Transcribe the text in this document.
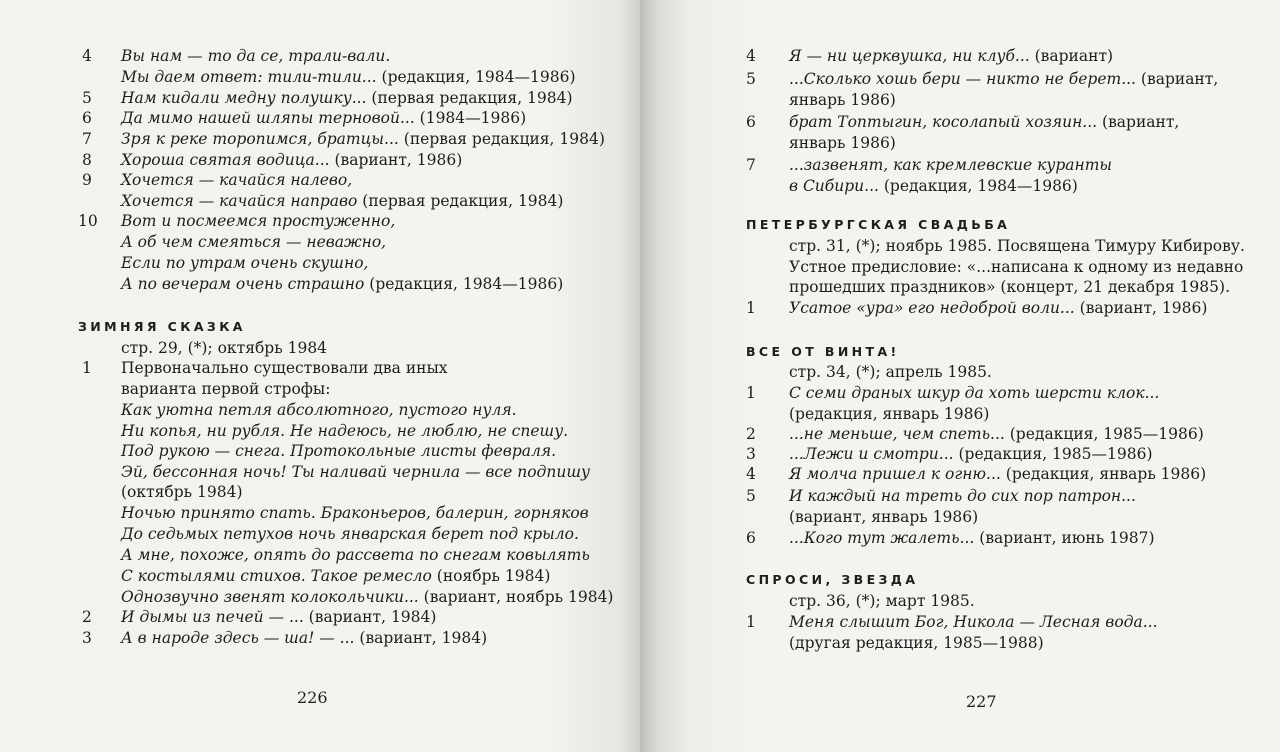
4 Вы нам — то да се, трали-вали.
Мы даем ответ: тили-тили... (редакция, 1984—1986)
5 Нам кидали медну полушку... (первая редакция, 1984)
6 Да мимо нашей шляпы терновой... (1984—1986)
7 Зря к реке торопимся, братцы... (первая редакция, 1984)
8 Хороша святая водица... (вариант, 1986)
9 Хочется — качайся налево,
Хочется — качайся направо (первая редакция, 1984)
10 Вот и посмеемся простуженно,
А об чем смеяться — неважно,
Если по утрам очень скушно,
А по вечерам очень страшно (редакция, 1984—1986)
ЗИМНЯЯ СКАЗКА
стр. 29, (*); октябрь 1984
1 Первоначально существовали два иных
варианта первой строфы:
Как уютна петля абсолютного, пустого нуля.
Ни копья, ни рубля. Не надеюсь, не люблю, не спешу.
Под рукою — снега. Протокольные листы февраля.
Эй, бессонная ночь! Ты наливай чернила — все подпишу
(октябрь 1984)
Ночью принято спать. Браконьеров, балерин, горняков
До седьмых петухов ночь январская берет под крыло.
А мне, похоже, опять до рассвета по снегам ковылять
С костылями стихов. Такое ремесло (ноябрь 1984)
Однозвучно звенят колокольчики... (вариант, ноябрь 1984)
2 И дымы из печей — ... (вариант, 1984)
3 А в народе здесь — ша! — ... (вариант, 1984)
226
4 Я — ни церквушка, ни клуб... (вариант)
5 ...Сколько хошь бери — никто не берет... (вариант,
январь 1986)
6 брат Топтыгин, косолапый хозяин... (вариант,
январь 1986)
7 ...зазвенят, как кремлевские куранты
в Сибири... (редакция, 1984—1986)
ПЕТЕРБУРГСКАЯ СВАДЬБА
стр. 31, (*); ноябрь 1985. Посвящена Тимуру Кибирову.
Устное предисловие: «...написана к одному из недавно
прошедших праздников» (концерт, 21 декабря 1985).
1 Усатое «ура» его недоброй воли... (вариант, 1986)
ВСЕ ОТ ВИНТА!
стр. 34, (*); апрель 1985.
1 С семи драных шкур да хоть шерсти клок...
(редакция, январь 1986)
2 ...не меньше, чем спеть... (редакция, 1985—1986)
3 ...Лежи и смотри... (редакция, 1985—1986)
4 Я молча пришел к огню... (редакция, январь 1986)
5 И каждый на треть до сих пор патрон...
(вариант, январь 1986)
6 ...Кого тут жалеть... (вариант, июнь 1987)
СПРОСИ, ЗВЕЗДА
стр. 36, (*); март 1985.
1 Меня слышит Бог, Никола — Лесная вода...
(другая редакция, 1985—1988)
227
